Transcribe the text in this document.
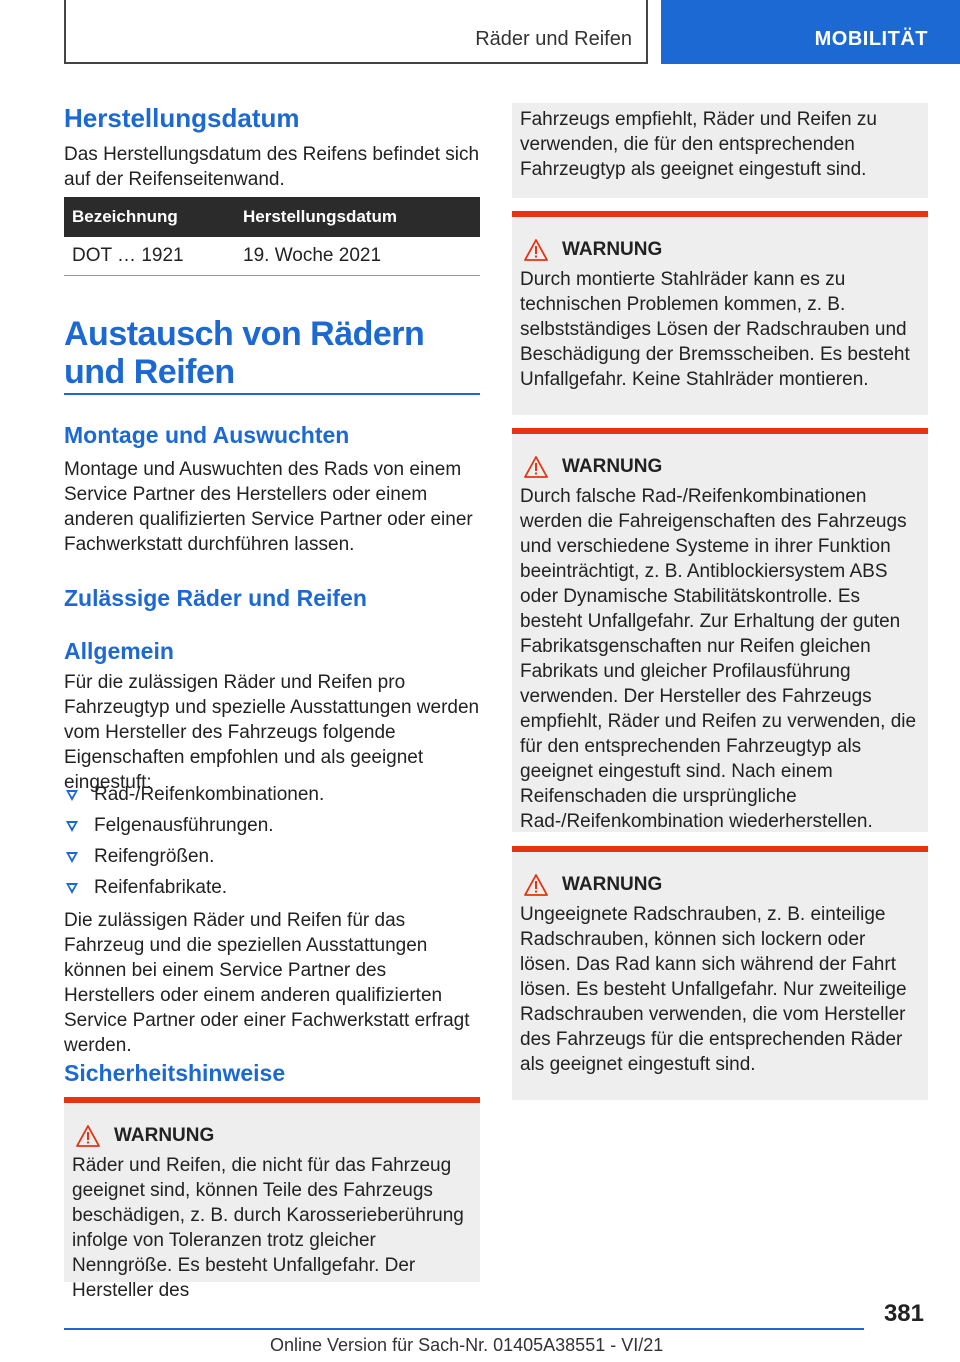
Räder und Reifen	MOBILITÄT
Herstellungsdatum

Das Herstellungsdatum des Reifens befindet sich auf der Reifenseitenwand.

Bezeichnung	Herstellungsdatum
DOT … 1921	19. Woche 2021
Austausch von Rädern und Reifen
Montage und Auswuchten

Montage und Auswuchten des Rads von einem Service Partner des Herstellers oder einem anderen qualifizierten Service Partner oder einer Fachwerkstatt durchführen lassen.

Zulässige Räder und Reifen
Allgemein

Für die zulässigen Räder und Reifen pro Fahrzeugtyp und spezielle Ausstattungen werden vom Hersteller des Fahrzeugs folgende Eigenschaften empfohlen und als geeignet eingestuft:

Rad-/Reifenkombinationen.
Felgenausführungen.
Reifengrößen.
Reifenfabrikate.

Die zulässigen Räder und Reifen für das Fahrzeug und die speziellen Ausstattungen können bei einem Service Partner des Herstellers oder einem anderen qualifizierten Service Partner oder einer Fachwerkstatt erfragt werden.

Sicherheitshinweise
WARNUNG

Räder und Reifen, die nicht für das Fahrzeug geeignet sind, können Teile des Fahrzeugs beschädigen, z. B. durch Karosserieberührung infolge von Toleranzen trotz gleicher Nenngröße. Es besteht Unfallgefahr. Der Hersteller des

Fahrzeugs empfiehlt, Räder und Reifen zu verwenden, die für den entsprechenden Fahrzeugtyp als geeignet eingestuft sind.

WARNUNG

Durch montierte Stahlräder kann es zu technischen Problemen kommen, z. B. selbstständiges Lösen der Radschrauben und Beschädigung der Bremsscheiben. Es besteht Unfallgefahr. Keine Stahlräder montieren.

WARNUNG

Durch falsche Rad-/Reifenkombinationen werden die Fahreigenschaften des Fahrzeugs und verschiedene Systeme in ihrer Funktion beeinträchtigt, z. B. Antiblockiersystem ABS oder Dynamische Stabilitätskontrolle. Es besteht Unfallgefahr. Zur Erhaltung der guten Fabrikatsgenschaften nur Reifen gleichen Fabrikats und gleicher Profilausführung verwenden. Der Hersteller des Fahrzeugs empfiehlt, Räder und Reifen zu verwenden, die für den entsprechenden Fahrzeugtyp als geeignet eingestuft sind. Nach einem Reifenschaden die ursprüngliche Rad-/Reifenkombination wiederherstellen.

WARNUNG

Ungeeignete Radschrauben, z. B. einteilige Radschrauben, können sich lockern oder lösen. Das Rad kann sich während der Fahrt lösen. Es besteht Unfallgefahr. Nur zweiteilige Radschrauben verwenden, die vom Hersteller des Fahrzeugs für die entsprechenden Räder als geeignet eingestuft sind.

381
Online Version für Sach-Nr. 01405A38551 - VI/21
